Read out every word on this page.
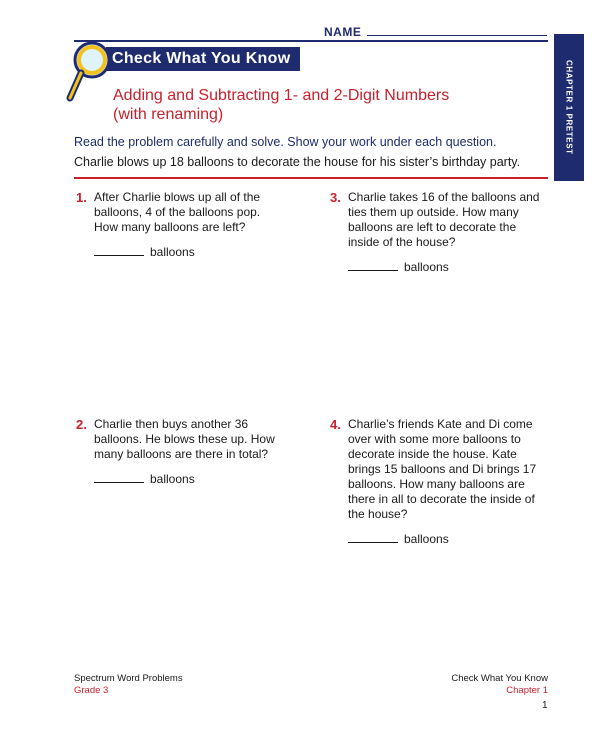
NAME
CHAPTER 1 PRETEST
Check What You Know
Adding and Subtracting 1- and 2-Digit Numbers
(with renaming)
Read the problem carefully and solve. Show your work under each question.
Charlie blows up 18 balloons to decorate the house for his sister’s birthday party.
1. After Charlie blows up all of the balloons, 4 of the balloons pop. How many balloons are left?
balloons
2. Charlie then buys another 36 balloons. He blows these up. How many balloons are there in total?
balloons
3. Charlie takes 16 of the balloons and ties them up outside. How many balloons are left to decorate the inside of the house?
balloons
4. Charlie’s friends Kate and Di come over with some more balloons to decorate inside the house. Kate brings 15 balloons and Di brings 17 balloons. How many balloons are there in all to decorate the inside of the house?
balloons
Spectrum Word Problems
Grade 3
Check What You Know
Chapter 1
1
